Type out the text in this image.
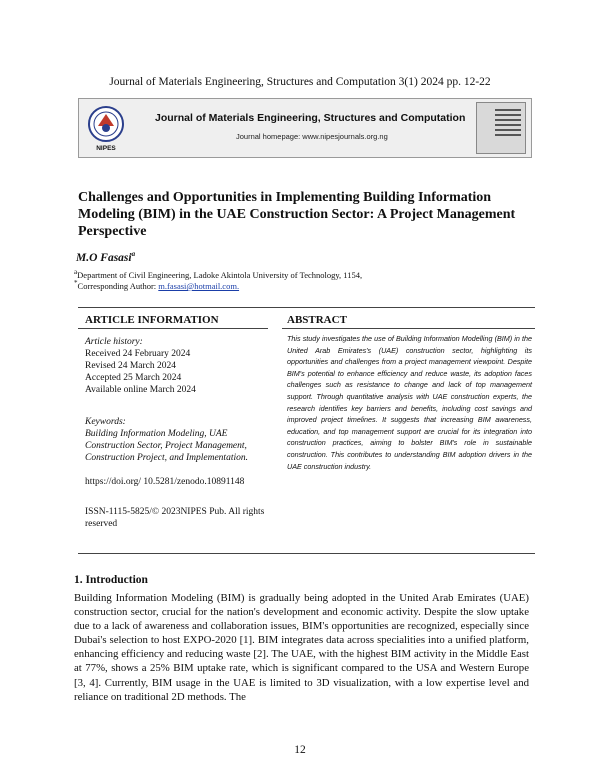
Journal of Materials Engineering, Structures and Computation 3(1) 2024 pp. 12-22
NIPES
Journal of Materials Engineering, Structures and Computation
Journal homepage: www.nipesjournals.org.ng
Challenges and Opportunities in Implementing Building Information Modeling (BIM) in the UAE Construction Sector: A Project Management Perspective
M.O Fasasi$^a$
$^a$Department of Civil Engineering, Ladoke Akintola University of Technology, 1154,
*Corresponding Author: m.fasasi@hotmail.com.
ARTICLE INFORMATION	ABSTRACT
Article history:
Received 24 February 2024
Revised 24 March 2024
Accepted 25 March 2024
Available online March 2024
Keywords:
Building Information Modeling, UAE Construction Sector, Project Management, Construction Project, and Implementation.
https://doi.org/ 10.5281/zenodo.10891148
ISSN-1115-5825/© 2023NIPES Pub. All rights reserved
This study investigates the use of Building Information Modelling (BIM) in the United Arab Emirates's (UAE) construction sector, highlighting its opportunities and challenges from a project management viewpoint. Despite BIM's potential to enhance efficiency and reduce waste, its adoption faces challenges such as resistance to change and lack of top management support. Through quantitative analysis with UAE construction experts, the research identifies key barriers and benefits, including cost savings and improved project timelines. It suggests that increasing BIM awareness, education, and top management support are crucial for its integration into construction practices, aiming to bolster BIM's role in sustainable construction. This contributes to understanding BIM adoption drivers in the UAE construction industry.
1. Introduction
Building Information Modeling (BIM) is gradually being adopted in the United Arab Emirates (UAE) construction sector, crucial for the nation's development and economic activity. Despite the slow uptake due to a lack of awareness and collaboration issues, BIM's opportunities are recognized, especially since Dubai's selection to host EXPO-2020 [1]. BIM integrates data across specialities into a unified platform, enhancing efficiency and reducing waste [2]. The UAE, with the highest BIM activity in the Middle East at 77%, shows a 25% BIM uptake rate, which is significant compared to the USA and Western Europe [3, 4]. Currently, BIM usage in the UAE is limited to 3D visualization, with a low expertise level and reliance on traditional 2D methods. The
12
